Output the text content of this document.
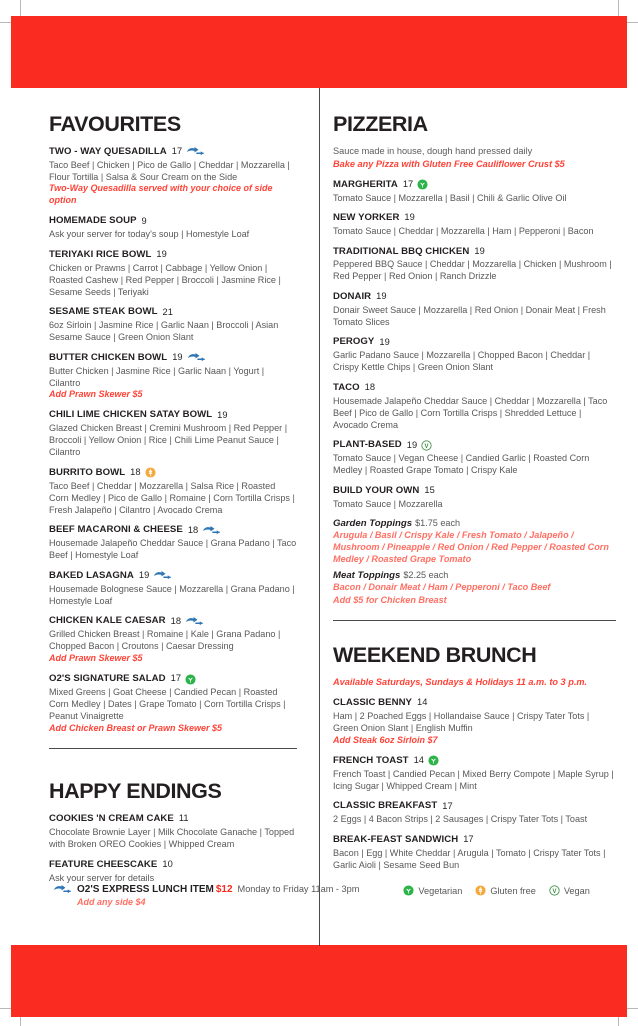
FAVOURITES
TWO - WAY QUESADILLA 17
Taco Beef | Chicken | Pico de Gallo | Cheddar | Mozzarella | Flour Tortilla | Salsa & Sour Cream on the Side
Two-Way Quesadilla served with your choice of side option
HOMEMADE SOUP 9
Ask your server for today's soup | Homestyle Loaf
TERIYAKI RICE BOWL 19
Chicken or Prawns | Carrot | Cabbage | Yellow Onion | Roasted Cashew | Red Pepper | Broccoli | Jasmine Rice | Sesame Seeds | Teriyaki
SESAME STEAK BOWL 21
6oz Sirloin | Jasmine Rice | Garlic Naan | Broccoli | Asian Sesame Sauce | Green Onion Slant
BUTTER CHICKEN BOWL 19
Butter Chicken | Jasmine Rice | Garlic Naan | Yogurt | Cilantro
Add Prawn Skewer $5
CHILI LIME CHICKEN SATAY BOWL 19
Glazed Chicken Breast | Cremini Mushroom | Red Pepper | Broccoli | Yellow Onion | Rice | Chili Lime Peanut Sauce | Cilantro
BURRITO BOWL 18
Taco Beef | Cheddar | Mozzarella | Salsa Rice | Roasted Corn Medley | Pico de Gallo | Romaine | Corn Tortilla Crisps | Fresh Jalapeño | Cilantro | Avocado Crema
BEEF MACARONI & CHEESE 18
Housemade Jalapeño Cheddar Sauce | Grana Padano | Taco Beef | Homestyle Loaf
BAKED LASAGNA 19
Housemade Bolognese Sauce | Mozzarella | Grana Padano | Homestyle Loaf
CHICKEN KALE CAESAR 18
Grilled Chicken Breast | Romaine | Kale | Grana Padano | Chopped Bacon | Croutons | Caesar Dressing
Add Prawn Skewer $5
O2'S SIGNATURE SALAD 17
Mixed Greens | Goat Cheese | Candied Pecan | Roasted Corn Medley | Dates | Grape Tomato | Corn Tortilla Crisps | Peanut Vinaigrette
Add Chicken Breast or Prawn Skewer $5
HAPPY ENDINGS
COOKIES 'N CREAM CAKE 11
Chocolate Brownie Layer | Milk Chocolate Ganache | Topped with Broken OREO Cookies | Whipped Cream
FEATURE CHEESCAKE 10
Ask your server for details
PIZZERIA

Sauce made in house, dough hand pressed daily

Bake any Pizza with Gluten Free Cauliflower Crust $5

MARGHERITA 17
Tomato Sauce | Mozzarella | Basil | Chili & Garlic Olive Oil
NEW YORKER 19
Tomato Sauce | Cheddar | Mozzarella | Ham | Pepperoni | Bacon
TRADITIONAL BBQ CHICKEN 19
Peppered BBQ Sauce | Cheddar | Mozzarella | Chicken | Mushroom | Red Pepper | Red Onion | Ranch Drizzle
DONAIR 19
Donair Sweet Sauce | Mozzarella | Red Onion | Donair Meat | Fresh Tomato Slices
PEROGY 19
Garlic Padano Sauce | Mozzarella | Chopped Bacon | Cheddar | Crispy Kettle Chips | Green Onion Slant
TACO 18
Housemade Jalapeño Cheddar Sauce | Cheddar | Mozzarella | Taco Beef | Pico de Gallo | Corn Tortilla Crisps | Shredded Lettuce | Avocado Crema
PLANT-BASED 19 V
Tomato Sauce | Vegan Cheese | Candied Garlic | Roasted Corn Medley | Roasted Grape Tomato | Crispy Kale
BUILD YOUR OWN 15
Tomato Sauce | Mozzarella
Garden Toppings $1.75 each
Arugula / Basil / Crispy Kale / Fresh Tomato / Jalapeño / Mushroom / Pineapple / Red Onion / Red Pepper / Roasted Corn Medley / Roasted Grape Tomato
Meat Toppings $2.25 each
Bacon / Donair Meat / Ham / Pepperoni / Taco Beef
Add $5 for Chicken Breast
WEEKEND BRUNCH

Available Saturdays, Sundays & Holidays 11 a.m. to 3 p.m.

CLASSIC BENNY 14
Ham | 2 Poached Eggs | Hollandaise Sauce | Crispy Tater Tots | Green Onion Slant | English Muffin
Add Steak 6oz Sirloin $7
FRENCH TOAST 14
French Toast | Candied Pecan | Mixed Berry Compote | Maple Syrup | Icing Sugar | Whipped Cream | Mint
CLASSIC BREAKFAST 17
2 Eggs | 4 Bacon Strips | 2 Sausages | Crispy Tater Tots | Toast
BREAK-FEAST SANDWICH 17
Bacon | Egg | White Cheddar | Arugula | Tomato | Crispy Tater Tots | Garlic Aioli | Sesame Seed Bun
O2'S EXPRESS LUNCH ITEM $12 Monday to Friday 11am - 3pm
Add any side $4
Vegetarian	Gluten free V Vegan
